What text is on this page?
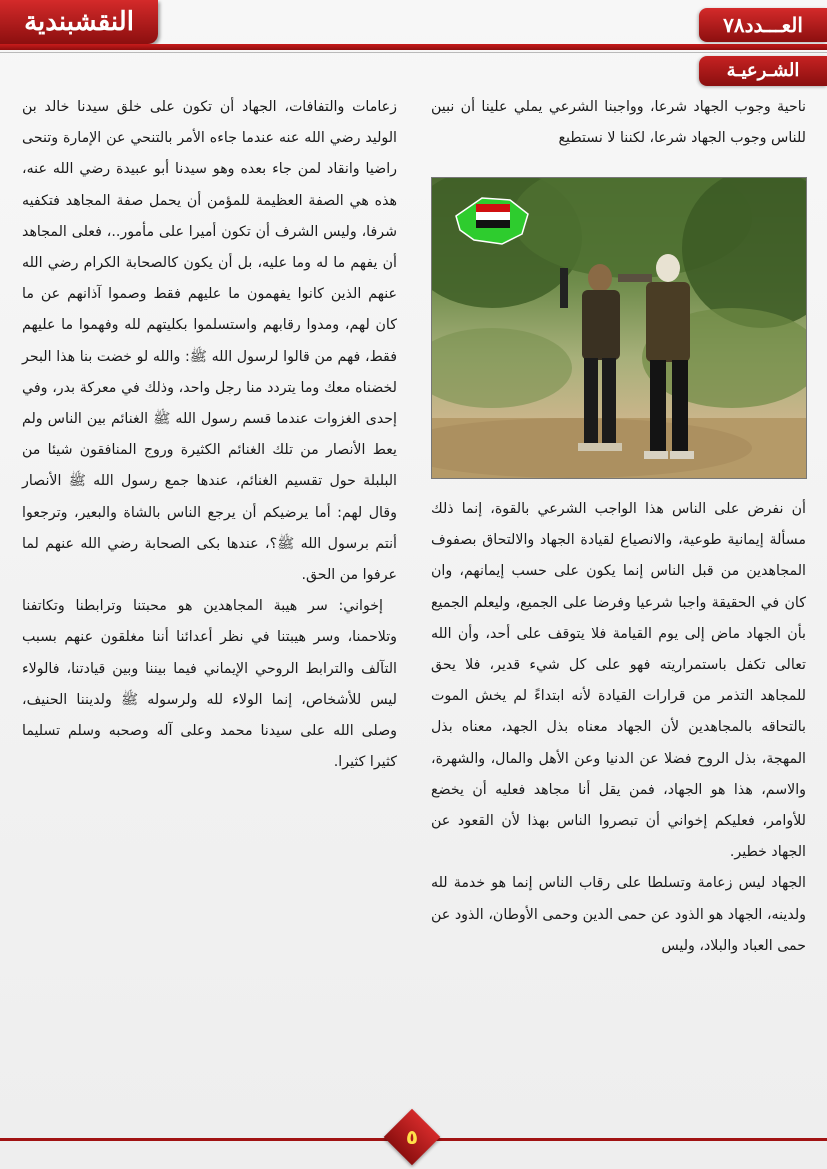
النقشبندية	العـــدد٧٨
الشـرعيـة

ناحية وجوب الجهاد شرعا، وواجبنا الشرعي يملي علينا أن نبين للناس وجوب الجهاد شرعا، لكننا لا نستطيع

أن نفرض على الناس هذا الواجب الشرعي بالقوة، إنما ذلك مسألة إيمانية طوعية، والانصياع لقيادة الجهاد والالتحاق بصفوف المجاهدين من قبل الناس إنما يكون على حسب إيمانهم، وان كان في الحقيقة واجبا شرعيا وفرضا على الجميع، وليعلم الجميع بأن الجهاد ماض إلى يوم القيامة فلا يتوقف على أحد، وأن الله تعالى تكفل باستمراريته فهو على كل شيء قدير، فلا يحق للمجاهد التذمر من قرارات القيادة لأنه ابتداءً لم يخش الموت بالتحاقه بالمجاهدين لأن الجهاد معناه بذل الجهد، معناه بذل المهجة، بذل الروح فضلا عن الدنيا وعن الأهل والمال، والشهرة، والاسم، هذا هو الجهاد، فمن يقل أنا مجاهد فعليه أن يخضع للأوامر، فعليكم إخواني أن تبصروا الناس بهذا لأن القعود عن الجهاد خطير.

الجهاد ليس زعامة وتسلطا على رقاب الناس إنما هو خدمة لله ولدينه، الجهاد هو الذود عن حمى الدين وحمى الأوطان، الذود عن حمى العباد والبلاد، وليس

زعامات والتفافات، الجهاد أن تكون على خلق سيدنا خالد بن الوليد رضي الله عنه عندما جاءه الأمر بالتنحي عن الإمارة وتنحى راضيا وانقاد لمن جاء بعده وهو سيدنا أبو عبيدة رضي الله عنه، هذه هي الصفة العظيمة للمؤمن أن يحمل صفة المجاهد فتكفيه شرفا، وليس الشرف أن تكون أميرا على مأمور..، فعلى المجاهد أن يفهم ما له وما عليه، بل أن يكون كالصحابة الكرام رضي الله عنهم الذين كانوا يفهمون ما عليهم فقط وصموا آذانهم عن ما كان لهم، ومدوا رقابهم واستسلموا بكليتهم لله وفهموا ما عليهم فقط، فهم من قالوا لرسول الله ﷺ: والله لو خضت بنا هذا البحر لخضناه معك وما يتردد منا رجل واحد، وذلك في معركة بدر، وفي إحدى الغزوات عندما قسم رسول الله ﷺ الغنائم بين الناس ولم يعط الأنصار من تلك الغنائم الكثيرة وروج المنافقون شيئا من البلبلة حول تقسيم الغنائم، عندها جمع رسول الله ﷺ الأنصار وقال لهم: أما يرضيكم أن يرجع الناس بالشاة والبعير، وترجعوا أنتم برسول الله ﷺ؟، عندها بكى الصحابة رضي الله عنهم لما عرفوا من الحق.

إخواني: سر هيبة المجاهدين هو محبتنا وترابطنا وتكاتفنا وتلاحمنا، وسر هيبتنا في نظر أعدائنا أننا مغلقون عنهم بسبب التآلف والترابط الروحي الإيماني فيما بيننا وبين قيادتنا، فالولاء ليس للأشخاص، إنما الولاء لله ولرسوله ﷺ ولديننا الحنيف، وصلى الله على سيدنا محمد وعلى آله وصحبه وسلم تسليما كثيرا كثيرا.

٥
